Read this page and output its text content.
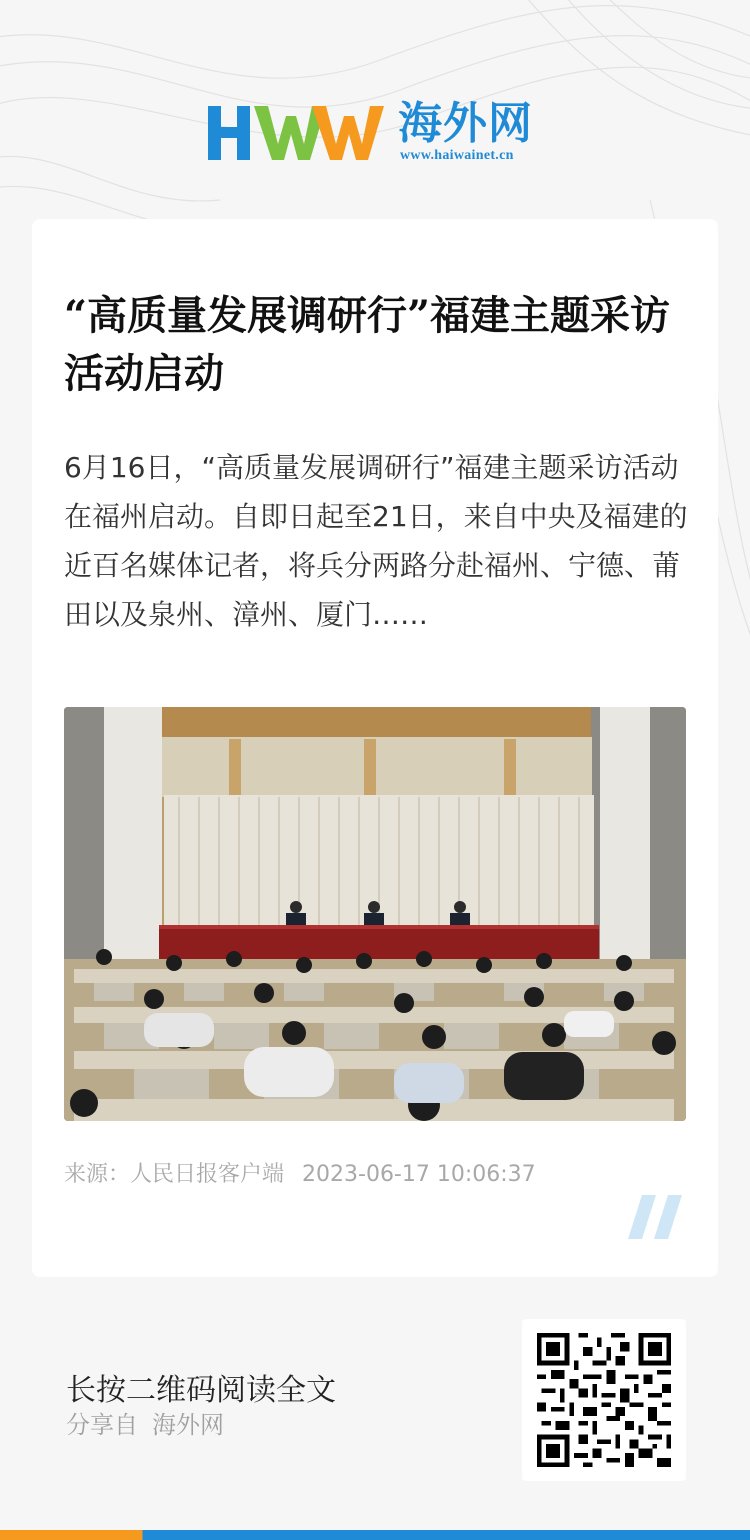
海外网
www.haiwainet.cn
“高质量发展调研行”福建主题采访活动启动

6月16日，“高质量发展调研行”福建主题采访活动在福州启动。自即日起至21日，来自中央及福建的近百名媒体记者，将兵分两路分赴福州、宁德、莆田以及泉州、漳州、厦门……

来源：人民日报客户端 2023-06-17 10:06:37
长按二维码阅读全文
分享自 海外网
